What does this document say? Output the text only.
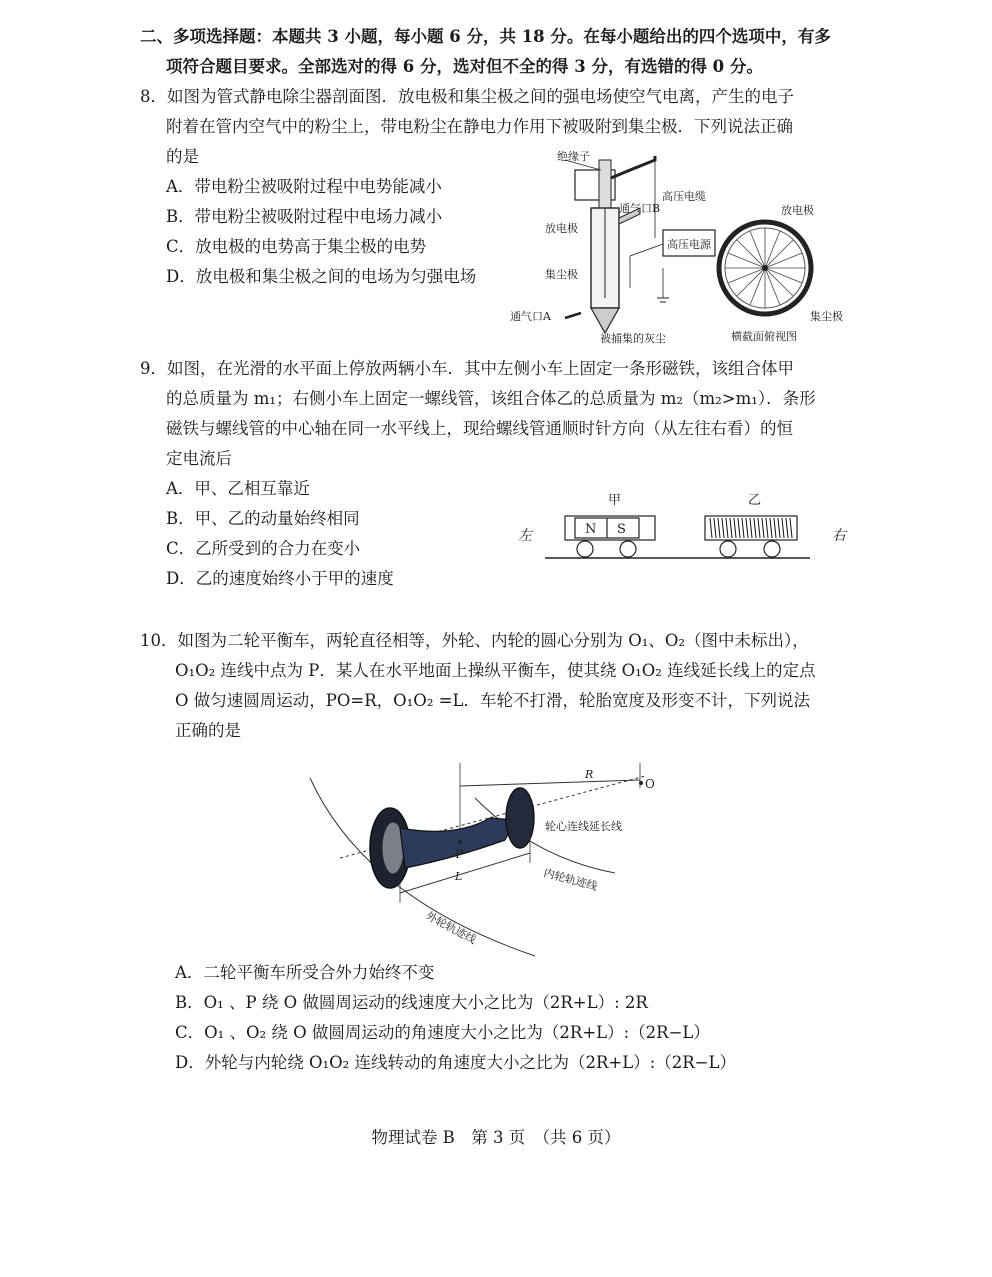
二、多项选择题：本题共 3 小题，每小题 6 分，共 18 分。在每小题给出的四个选项中，有多
项符合题目要求。全部选对的得 6 分，选对但不全的得 3 分，有选错的得 0 分。
8．如图为管式静电除尘器剖面图．放电极和集尘极之间的强电场使空气电离，产生的电子
附着在管内空气中的粉尘上，带电粉尘在静电力作用下被吸附到集尘极．下列说法正确
的是
A．带电粉尘被吸附过程中电势能减小
B．带电粉尘被吸附过程中电场力减小
C．放电极的电势高于集尘极的电势
D．放电极和集尘极之间的电场为匀强电场
绝缘子
高压电缆
通气口B
放电极
高压电源
集尘极
通气口A
被捕集的灰尘
放电极
集尘极
横截面俯视图
9．如图，在光滑的水平面上停放两辆小车．其中左侧小车上固定一条形磁铁，该组合体甲
的总质量为 m₁；右侧小车上固定一螺线管，该组合体乙的总质量为 m₂（m₂>m₁）．条形
磁铁与螺线管的中心轴在同一水平线上，现给螺线管通顺时针方向（从左往右看）的恒
定电流后
A．甲、乙相互靠近
B．甲、乙的动量始终相同
C．乙所受到的合力在变小
D．乙的速度始终小于甲的速度
甲	乙
左	右
N S
10．如图为二轮平衡车，两轮直径相等，外轮、内轮的圆心分别为 O₁、O₂（图中未标出），
O₁O₂ 连线中点为 P．某人在水平地面上操纵平衡车，使其绕 O₁O₂ 连线延长线上的定点
O 做匀速圆周运动，PO=R，O₁O₂ =L．车轮不打滑，轮胎宽度及形变不计，下列说法
正确的是
R
O
P
L
轮心连线延长线
内轮轨迹线
外轮轨迹线
A．二轮平衡车所受合外力始终不变
B．O₁ 、P 绕 O 做圆周运动的线速度大小之比为（2R+L）: 2R
C．O₁ 、O₂ 绕 O 做圆周运动的角速度大小之比为（2R+L）:（2R−L）
D．外轮与内轮绕 O₁O₂ 连线转动的角速度大小之比为（2R+L）:（2R−L）
物理试卷 B　第 3 页　（共 6 页）
